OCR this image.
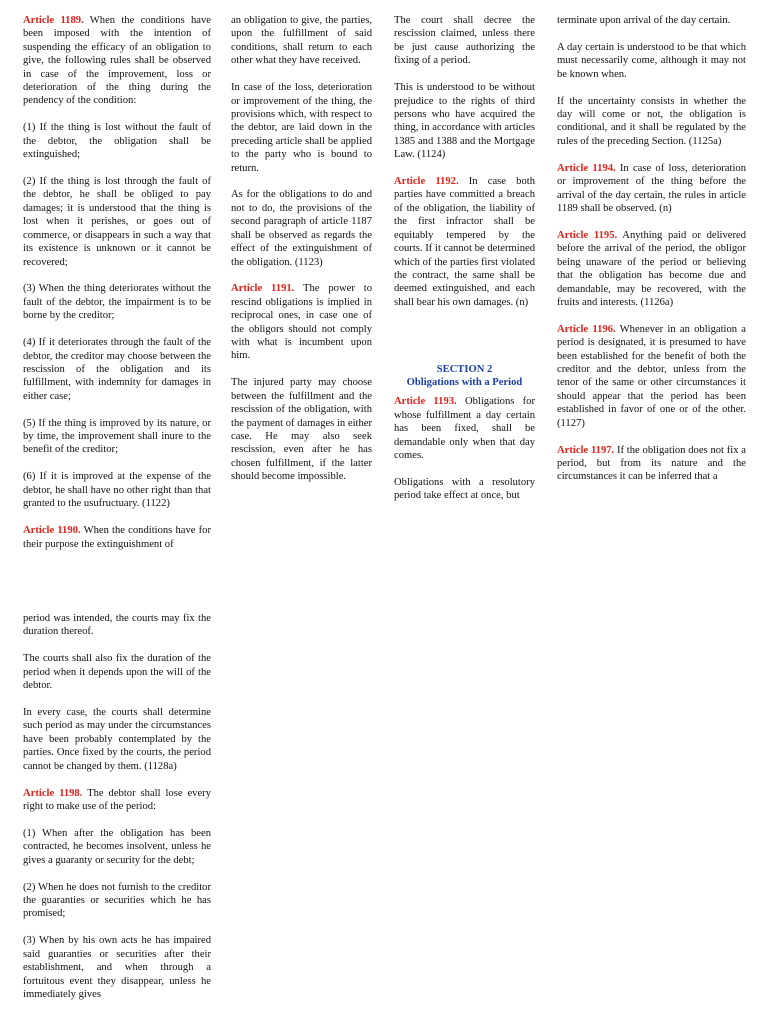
Article 1189. When the conditions have been imposed with the intention of suspending the efficacy of an obligation to give, the following rules shall be observed in case of the improvement, loss or deterioration of the thing during the pendency of the condition:

(1) If the thing is lost without the fault of the debtor, the obligation shall be extinguished;

(2) If the thing is lost through the fault of the debtor, he shall be obliged to pay damages; it is understood that the thing is lost when it perishes, or goes out of commerce, or disappears in such a way that its existence is unknown or it cannot be recovered;

(3) When the thing deteriorates without the fault of the debtor, the impairment is to be borne by the creditor;

(4) If it deteriorates through the fault of the debtor, the creditor may choose between the rescission of the obligation and its fulfillment, with indemnity for damages in either case;

(5) If the thing is improved by its nature, or by time, the improvement shall inure to the benefit of the creditor;

(6) If it is improved at the expense of the debtor, he shall have no other right than that granted to the usufructuary. (1122)

Article 1190. When the conditions have for their purpose the extinguishment of

an obligation to give, the parties, upon the fulfillment of said conditions, shall return to each other what they have received.

In case of the loss, deterioration or improvement of the thing, the provisions which, with respect to the debtor, are laid down in the preceding article shall be applied to the party who is bound to return.

As for the obligations to do and not to do, the provisions of the second paragraph of article 1187 shall be observed as regards the effect of the extinguishment of the obligation. (1123)

Article 1191. The power to rescind obligations is implied in reciprocal ones, in case one of the obligors should not comply with what is incumbent upon him.

The injured party may choose between the fulfillment and the rescission of the obligation, with the payment of damages in either case. He may also seek rescission, even after he has chosen fulfillment, if the latter should become impossible.

The court shall decree the rescission claimed, unless there be just cause authorizing the fixing of a period.

This is understood to be without prejudice to the rights of third persons who have acquired the thing, in accordance with articles 1385 and 1388 and the Mortgage Law. (1124)

Article 1192. In case both parties have committed a breach of the obligation, the liability of the first infractor shall be equitably tempered by the courts. If it cannot be determined which of the parties first violated the contract, the same shall be deemed extinguished, and each shall bear his own damages. (n)

SECTION 2

Obligations with a Period

Article 1193. Obligations for whose fulfillment a day certain has been fixed, shall be demandable only when that day comes.

Obligations with a resolutory period take effect at once, but

terminate upon arrival of the day certain.

A day certain is understood to be that which must necessarily come, although it may not be known when.

If the uncertainty consists in whether the day will come or not, the obligation is conditional, and it shall be regulated by the rules of the preceding Section. (1125a)

Article 1194. In case of loss, deterioration or improvement of the thing before the arrival of the day certain, the rules in article 1189 shall be observed. (n)

Article 1195. Anything paid or delivered before the arrival of the period, the obligor being unaware of the period or believing that the obligation has become due and demandable, may be recovered, with the fruits and interests. (1126a)

Article 1196. Whenever in an obligation a period is designated, it is presumed to have been established for the benefit of both the creditor and the debtor, unless from the tenor of the same or other circumstances it should appear that the period has been established in favor of one or of the other. (1127)

Article 1197. If the obligation does not fix a period, but from its nature and the circumstances it can be inferred that a

period was intended, the courts may fix the duration thereof.

The courts shall also fix the duration of the period when it depends upon the will of the debtor.

In every case, the courts shall determine such period as may under the circumstances have been probably contemplated by the parties. Once fixed by the courts, the period cannot be changed by them. (1128a)

Article 1198. The debtor shall lose every right to make use of the period:

(1) When after the obligation has been contracted, he becomes insolvent, unless he gives a guaranty or security for the debt;

(2) When he does not furnish to the creditor the guaranties or securities which he has promised;

(3) When by his own acts he has impaired said guaranties or securities after their establishment, and when through a fortuitous event they disappear, unless he immediately gives
